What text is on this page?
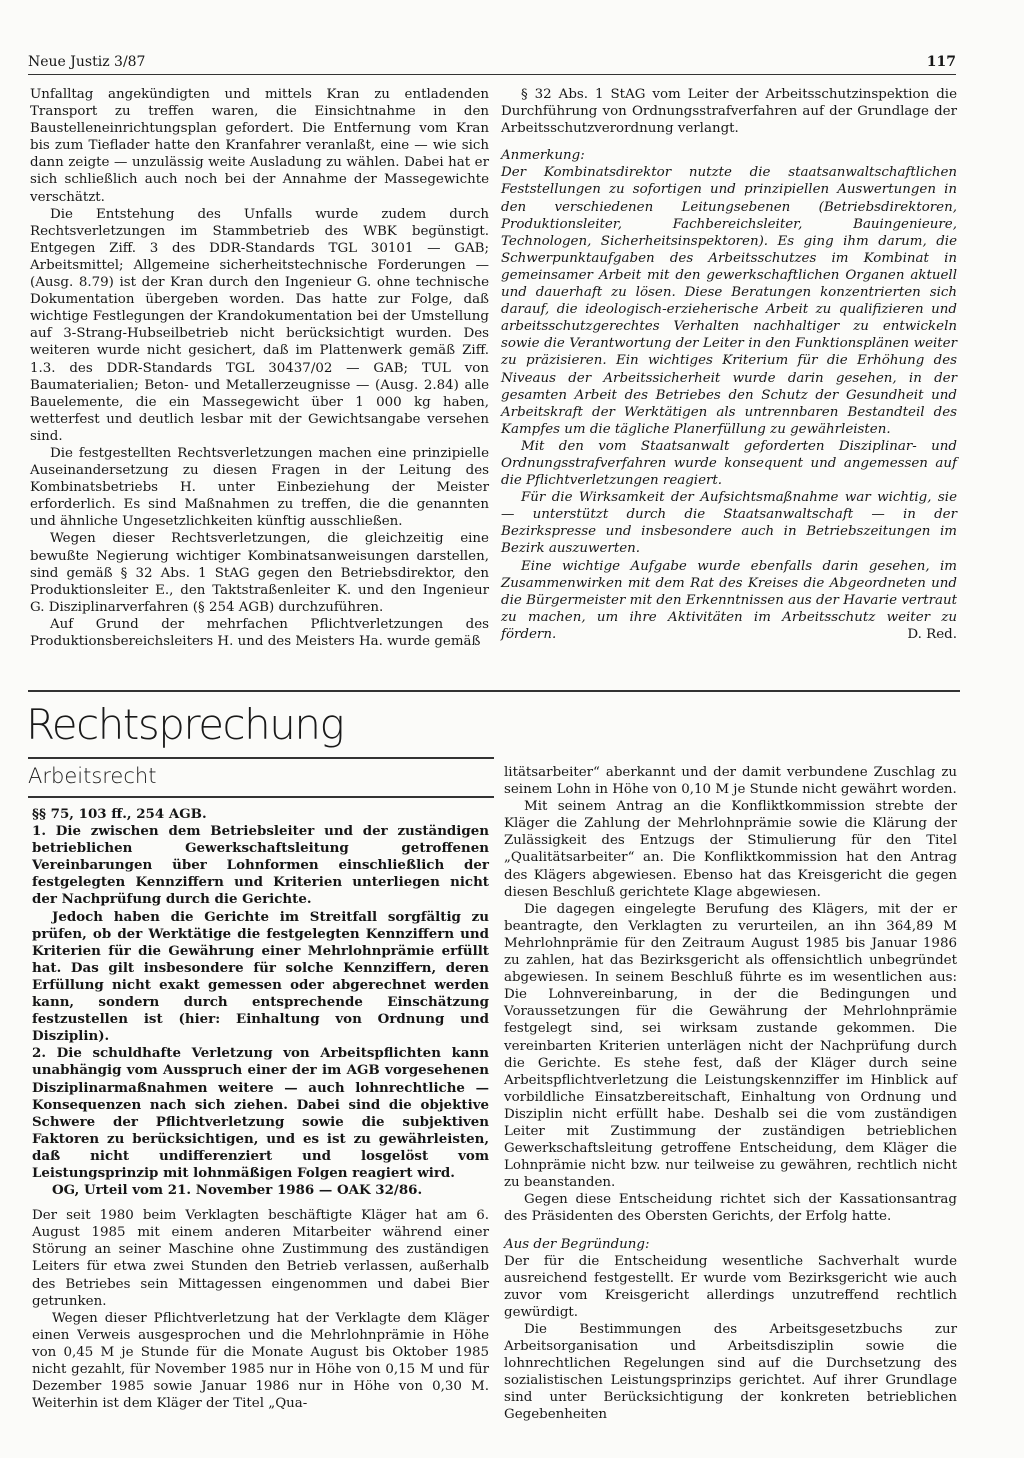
Neue Justiz 3/87	117

Unfalltag angekündigten und mittels Kran zu entladenden Transport zu treffen waren, die Einsichtnahme in den Baustelleneinrichtungsplan gefordert. Die Entfernung vom Kran bis zum Tieflader hatte den Kranfahrer veranlaßt, eine — wie sich dann zeigte — unzulässig weite Ausladung zu wählen. Dabei hat er sich schließlich auch noch bei der Annahme der Massegewichte verschätzt.

Die Entstehung des Unfalls wurde zudem durch Rechtsverletzungen im Stammbetrieb des WBK begünstigt. Entgegen Ziff. 3 des DDR-Standards TGL 30101 — GAB; Arbeitsmittel; Allgemeine sicherheitstechnische Forderungen — (Ausg. 8.79) ist der Kran durch den Ingenieur G. ohne technische Dokumentation übergeben worden. Das hatte zur Folge, daß wichtige Festlegungen der Krandokumentation bei der Umstellung auf 3-Strang-Hubseilbetrieb nicht berücksichtigt wurden. Des weiteren wurde nicht gesichert, daß im Plattenwerk gemäß Ziff. 1.3. des DDR-Standards TGL 30437/02 — GAB; TUL von Baumaterialien; Beton- und Metallerzeugnisse — (Ausg. 2.84) alle Bauelemente, die ein Massegewicht über 1 000 kg haben, wetterfest und deutlich lesbar mit der Gewichtsangabe versehen sind.

Die festgestellten Rechtsverletzungen machen eine prinzipielle Auseinandersetzung zu diesen Fragen in der Leitung des Kombinatsbetriebs H. unter Einbeziehung der Meister erforderlich. Es sind Maßnahmen zu treffen, die die genannten und ähnliche Ungesetzlichkeiten künftig ausschließen.

Wegen dieser Rechtsverletzungen, die gleichzeitig eine bewußte Negierung wichtiger Kombinatsanweisungen darstellen, sind gemäß § 32 Abs. 1 StAG gegen den Betriebsdirektor, den Produktionsleiter E., den Taktstraßenleiter K. und den Ingenieur G. Disziplinarverfahren (§ 254 AGB) durchzuführen.

Auf Grund der mehrfachen Pflichtverletzungen des Produktionsbereichsleiters H. und des Meisters Ha. wurde gemäß

§ 32 Abs. 1 StAG vom Leiter der Arbeitsschutzinspektion die Durchführung von Ordnungsstrafverfahren auf der Grundlage der Arbeitsschutzverordnung verlangt.

Anmerkung:

Der Kombinatsdirektor nutzte die staatsanwaltschaftlichen Feststellungen zu sofortigen und prinzipiellen Auswertungen in den verschiedenen Leitungsebenen (Betriebsdirektoren, Produktionsleiter, Fachbereichsleiter, Bauingenieure, Technologen, Sicherheitsinspektoren). Es ging ihm darum, die Schwerpunktaufgaben des Arbeitsschutzes im Kombinat in gemeinsamer Arbeit mit den gewerkschaftlichen Organen aktuell und dauerhaft zu lösen. Diese Beratungen konzentrierten sich darauf, die ideologisch-erzieherische Arbeit zu qualifizieren und arbeitsschutzgerechtes Verhalten nachhaltiger zu entwickeln sowie die Verantwortung der Leiter in den Funktionsplänen weiter zu präzisieren. Ein wichtiges Kriterium für die Erhöhung des Niveaus der Arbeitssicherheit wurde darin gesehen, in der gesamten Arbeit des Betriebes den Schutz der Gesundheit und Arbeitskraft der Werktätigen als untrennbaren Bestandteil des Kampfes um die tägliche Planerfüllung zu gewährleisten.

Mit den vom Staatsanwalt geforderten Disziplinar- und Ordnungsstrafverfahren wurde konsequent und angemessen auf die Pflichtverletzungen reagiert.

Für die Wirksamkeit der Aufsichtsmaßnahme war wichtig, sie — unterstützt durch die Staatsanwaltschaft — in der Bezirkspresse und insbesondere auch in Betriebszeitungen im Bezirk auszuwerten.

Eine wichtige Aufgabe wurde ebenfalls darin gesehen, im Zusammenwirken mit dem Rat des Kreises die Abgeordneten und die Bürgermeister mit den Erkenntnissen aus der Havarie vertraut zu machen, um ihre Aktivitäten im Arbeitsschutz weiter zu fördern.	D. Red.

Rechtsprechung
Arbeitsrecht

§§ 75, 103 ff., 254 AGB.

1. Die zwischen dem Betriebsleiter und der zuständigen betrieblichen Gewerkschaftsleitung getroffenen Vereinbarungen über Lohnformen einschließlich der festgelegten Kennziffern und Kriterien unterliegen nicht der Nachprüfung durch die Gerichte.

Jedoch haben die Gerichte im Streitfall sorgfältig zu prüfen, ob der Werktätige die festgelegten Kennziffern und Kriterien für die Gewährung einer Mehrlohnprämie erfüllt hat. Das gilt insbesondere für solche Kennziffern, deren Erfüllung nicht exakt gemessen oder abgerechnet werden kann, sondern durch entsprechende Einschätzung festzustellen ist (hier: Einhaltung von Ordnung und Disziplin).

2. Die schuldhafte Verletzung von Arbeitspflichten kann unabhängig vom Ausspruch einer der im AGB vorgesehenen Disziplinarmaßnahmen weitere — auch lohnrechtliche — Konsequenzen nach sich ziehen. Dabei sind die objektive Schwere der Pflichtverletzung sowie die subjektiven Faktoren zu berücksichtigen, und es ist zu gewährleisten, daß nicht undifferenziert und losgelöst vom Leistungsprinzip mit lohnmäßigen Folgen reagiert wird.

OG, Urteil vom 21. November 1986 — OAK 32/86.

Der seit 1980 beim Verklagten beschäftigte Kläger hat am 6. August 1985 mit einem anderen Mitarbeiter während einer Störung an seiner Maschine ohne Zustimmung des zuständigen Leiters für etwa zwei Stunden den Betrieb verlassen, außerhalb des Betriebes sein Mittagessen eingenommen und dabei Bier getrunken.

Wegen dieser Pflichtverletzung hat der Verklagte dem Kläger einen Verweis ausgesprochen und die Mehrlohnprämie in Höhe von 0,45 M je Stunde für die Monate August bis Oktober 1985 nicht gezahlt, für November 1985 nur in Höhe von 0,15 M und für Dezember 1985 sowie Januar 1986 nur in Höhe von 0,30 M. Weiterhin ist dem Kläger der Titel „Qua-

litätsarbeiter“ aberkannt und der damit verbundene Zuschlag zu seinem Lohn in Höhe von 0,10 M je Stunde nicht gewährt worden.

Mit seinem Antrag an die Konfliktkommission strebte der Kläger die Zahlung der Mehrlohnprämie sowie die Klärung der Zulässigkeit des Entzugs der Stimulierung für den Titel „Qualitätsarbeiter“ an. Die Konfliktkommission hat den Antrag des Klägers abgewiesen. Ebenso hat das Kreisgericht die gegen diesen Beschluß gerichtete Klage abgewiesen.

Die dagegen eingelegte Berufung des Klägers, mit der er beantragte, den Verklagten zu verurteilen, an ihn 364,89 M Mehrlohnprämie für den Zeitraum August 1985 bis Januar 1986 zu zahlen, hat das Bezirksgericht als offensichtlich unbegründet abgewiesen. In seinem Beschluß führte es im wesentlichen aus: Die Lohnvereinbarung, in der die Bedingungen und Voraussetzungen für die Gewährung der Mehrlohnprämie festgelegt sind, sei wirksam zustande gekommen. Die vereinbarten Kriterien unterlägen nicht der Nachprüfung durch die Gerichte. Es stehe fest, daß der Kläger durch seine Arbeitspflichtverletzung die Leistungskennziffer im Hinblick auf vorbildliche Einsatzbereitschaft, Einhaltung von Ordnung und Disziplin nicht erfüllt habe. Deshalb sei die vom zuständigen Leiter mit Zustimmung der zuständigen betrieblichen Gewerkschaftsleitung getroffene Entscheidung, dem Kläger die Lohnprämie nicht bzw. nur teilweise zu gewähren, rechtlich nicht zu beanstanden.

Gegen diese Entscheidung richtet sich der Kassationsantrag des Präsidenten des Obersten Gerichts, der Erfolg hatte.

Aus der Begründung:

Der für die Entscheidung wesentliche Sachverhalt wurde ausreichend festgestellt. Er wurde vom Bezirksgericht wie auch zuvor vom Kreisgericht allerdings unzutreffend rechtlich gewürdigt.

Die Bestimmungen des Arbeitsgesetzbuchs zur Arbeitsorganisation und Arbeitsdisziplin sowie die lohnrechtlichen Regelungen sind auf die Durchsetzung des sozialistischen Leistungsprinzips gerichtet. Auf ihrer Grundlage sind unter Berücksichtigung der konkreten betrieblichen Gegebenheiten
